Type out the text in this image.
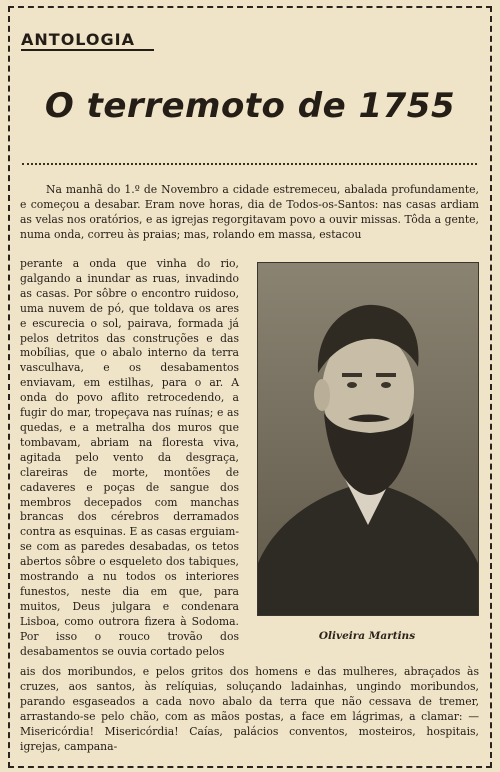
ANTOLOGIA
O terremoto de 1755
Na manhã do 1.º de Novembro a cidade estremeceu, abalada profundamente, e começou a desabar. Eram nove horas, dia de Todos-os-Santos: nas casas ardiam as velas nos oratórios, e as igrejas regorgitavam povo a ouvir missas. Tôda a gente, numa onda, correu às praias; mas, rolando em massa, estacou
perante a onda que vinha do rio, galgando a inundar as ruas, invadindo as casas. Por sôbre o encontro ruidoso, uma nuvem de pó, que toldava os ares e escurecia o sol, pairava, formada já pelos detritos das construções e das mobílias, que o abalo interno da terra vasculhava, e os desabamentos enviavam, em estilhas, para o ar. A onda do povo aflito retrocedendo, a fugir do mar, tropeçava nas ruínas; e as quedas, e a metralha dos muros que tombavam, abriam na floresta viva, agitada pelo vento da desgraça, clareiras de morte, montões de cadaveres e poças de sangue dos membros decepados com manchas brancas dos cérebros derramados contra as esquinas. E as casas erguiam-se com as paredes desabadas, os tetos abertos sôbre o esqueleto dos tabiques, mostrando a nu todos os interiores funestos, neste dia em que, para muitos, Deus julgara e condenara Lisboa, como outrora fizera à Sodoma. Por isso o rouco trovão dos desabamentos se ouvia cortado pelos
Oliveira Martins
ais dos moribundos, e pelos gritos dos homens e das mulheres, abraçados às cruzes, aos santos, às relíquias, soluçando ladainhas, ungindo moribundos, parando esgaseados a cada novo abalo da terra que não cessava de tremer, arrastando-se pelo chão, com as mãos postas, a face em lágrimas, a clamar: — Misericórdia! Misericórdia! Caías, palácios conventos, mosteiros, hospitais, igrejas, campana-
